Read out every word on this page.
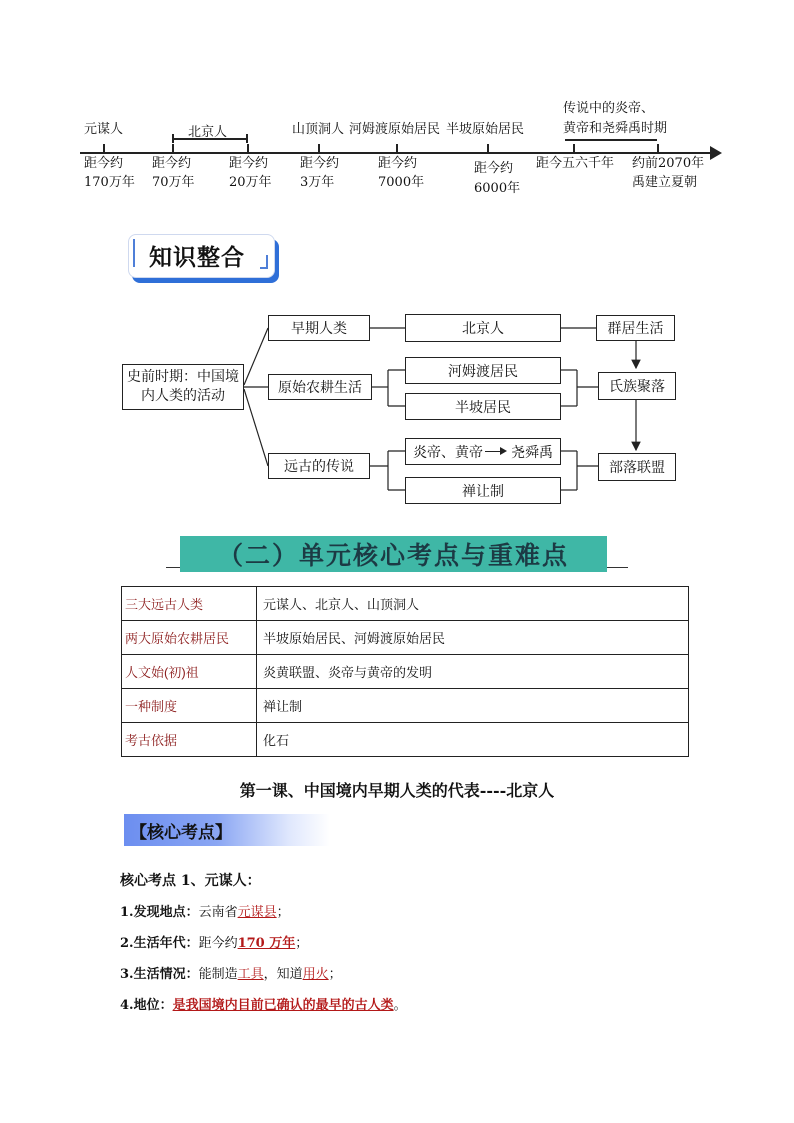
元谋人	北京人	山顶洞人 河姆渡原始居民 半坡原始居民
传说中的炎帝、
黄帝和尧舜禹时期
距今约
170万年
距今约
70万年
距今约
20万年
距今约
3万年
距今约
7000年
距今约
6000年
距今五六千年 约前2070年
禹建立夏朝
知识整合
史前时期：中国境内人类的活动
早期人类
原始农耕生活
远古的传说
北京人
河姆渡居民
半坡居民
炎帝、黄帝 尧舜禹
禅让制
群居生活
氏族聚落
部落联盟
（二）单元核心考点与重难点
三大远古人类	元谋人、北京人、山顶洞人
两大原始农耕居民	半坡原始居民、河姆渡原始居民
人文始(初)祖	炎黄联盟、炎帝与黄帝的发明
一种制度	禅让制
考古依据	化石
第一课、中国境内早期人类的代表----北京人
【核心考点】
核心考点 1、元谋人：
1.发现地点：云南省元谋县；
2.生活年代：距今约170 万年；
3.生活情况：能制造工具，知道用火；
4.地位：是我国境内目前已确认的最早的古人类。
